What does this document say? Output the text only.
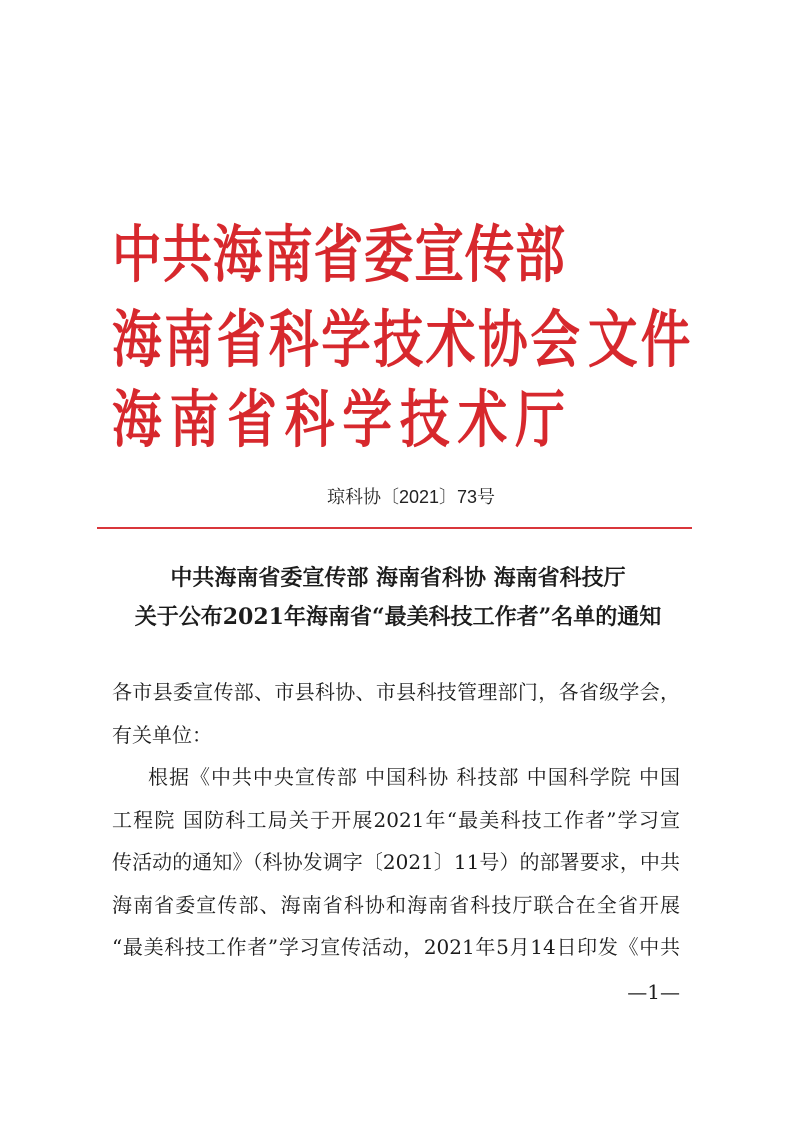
中共海南省委宣传部
海南省科学技术协会
海南省科学技术厅
文件
琼科协〔2021〕73号
中共海南省委宣传部 海南省科协 海南省科技厅
关于公布2021年海南省“最美科技工作者”名单的通知
各市县委宣传部、市县科协、市县科技管理部门，各省级学会，
有关单位：
根据《中共中央宣传部 中国科协 科技部 中国科学院 中国
工程院 国防科工局关于开展2021年“最美科技工作者”学习宣
传活动的通知》（科协发调字〔2021〕11号）的部署要求，中共
海南省委宣传部、海南省科协和海南省科技厅联合在全省开展
“最美科技工作者”学习宣传活动，2021年5月14日印发《中共
—1—
